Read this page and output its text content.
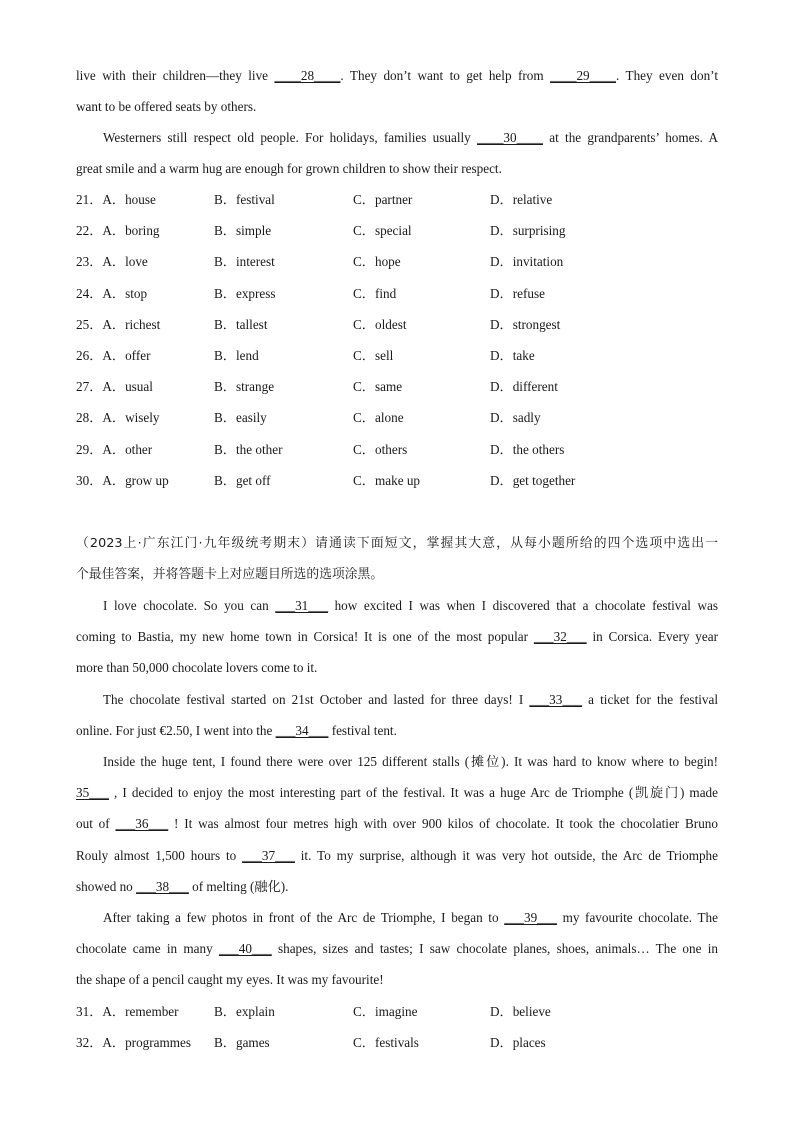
live with their children—they live ____28____. They don’t want to get help from ____29____. They even don’t
want to be offered seats by others.
Westerners still respect old people. For holidays, families usually ____30____ at the grandparents’ homes. A
great smile and a warm hug are enough for grown children to show their respect.
21．A．house	B．festival	C．partner	D．relative
22．A．boring	B．simple	C．special	D．surprising
23．A．love	B．interest	C．hope	D．invitation
24．A．stop	B．express	C．find	D．refuse
25．A．richest	B．tallest	C．oldest	D．strongest
26．A．offer	B．lend	C．sell	D．take
27．A．usual	B．strange	C．same	D．different
28．A．wisely	B．easily	C．alone	D．sadly
29．A．other	B．the other	C．others	D．the others
30．A．grow up	B．get off	C．make up	D．get together
（2023上·广东江门·九年级统考期末）请通读下面短文，掌握其大意，从每小题所给的四个选项中选出一
个最佳答案，并将答题卡上对应题目所选的选项涂黑。
I love chocolate. So you can ___31___ how excited I was when I discovered that a chocolate festival was
coming to Bastia, my new home town in Corsica! It is one of the most popular ___32___ in Corsica. Every year
more than 50,000 chocolate lovers come to it.
The chocolate festival started on 21st October and lasted for three days! I ___33___ a ticket for the festival
online. For just €2.50, I went into the ___34___ festival tent.
Inside the huge tent, I found there were over 125 different stalls (摊位). It was hard to know where to begin!
35___ , I decided to enjoy the most interesting part of the festival. It was a huge Arc de Triomphe (凯旋门) made
out of ___36___ ! It was almost four metres high with over 900 kilos of chocolate. It took the chocolatier Bruno
Rouly almost 1,500 hours to ___37___ it. To my surprise, although it was very hot outside, the Arc de Triomphe
showed no ___38___ of melting (融化).
After taking a few photos in front of the Arc de Triomphe, I began to ___39___ my favourite chocolate. The
chocolate came in many ___40___ shapes, sizes and tastes; I saw chocolate planes, shoes, animals… The one in
the shape of a pencil caught my eyes. It was my favourite!
31．A．remember	B．explain	C．imagine	D．believe
32．A．programmes B．games	C．festivals	D．places
